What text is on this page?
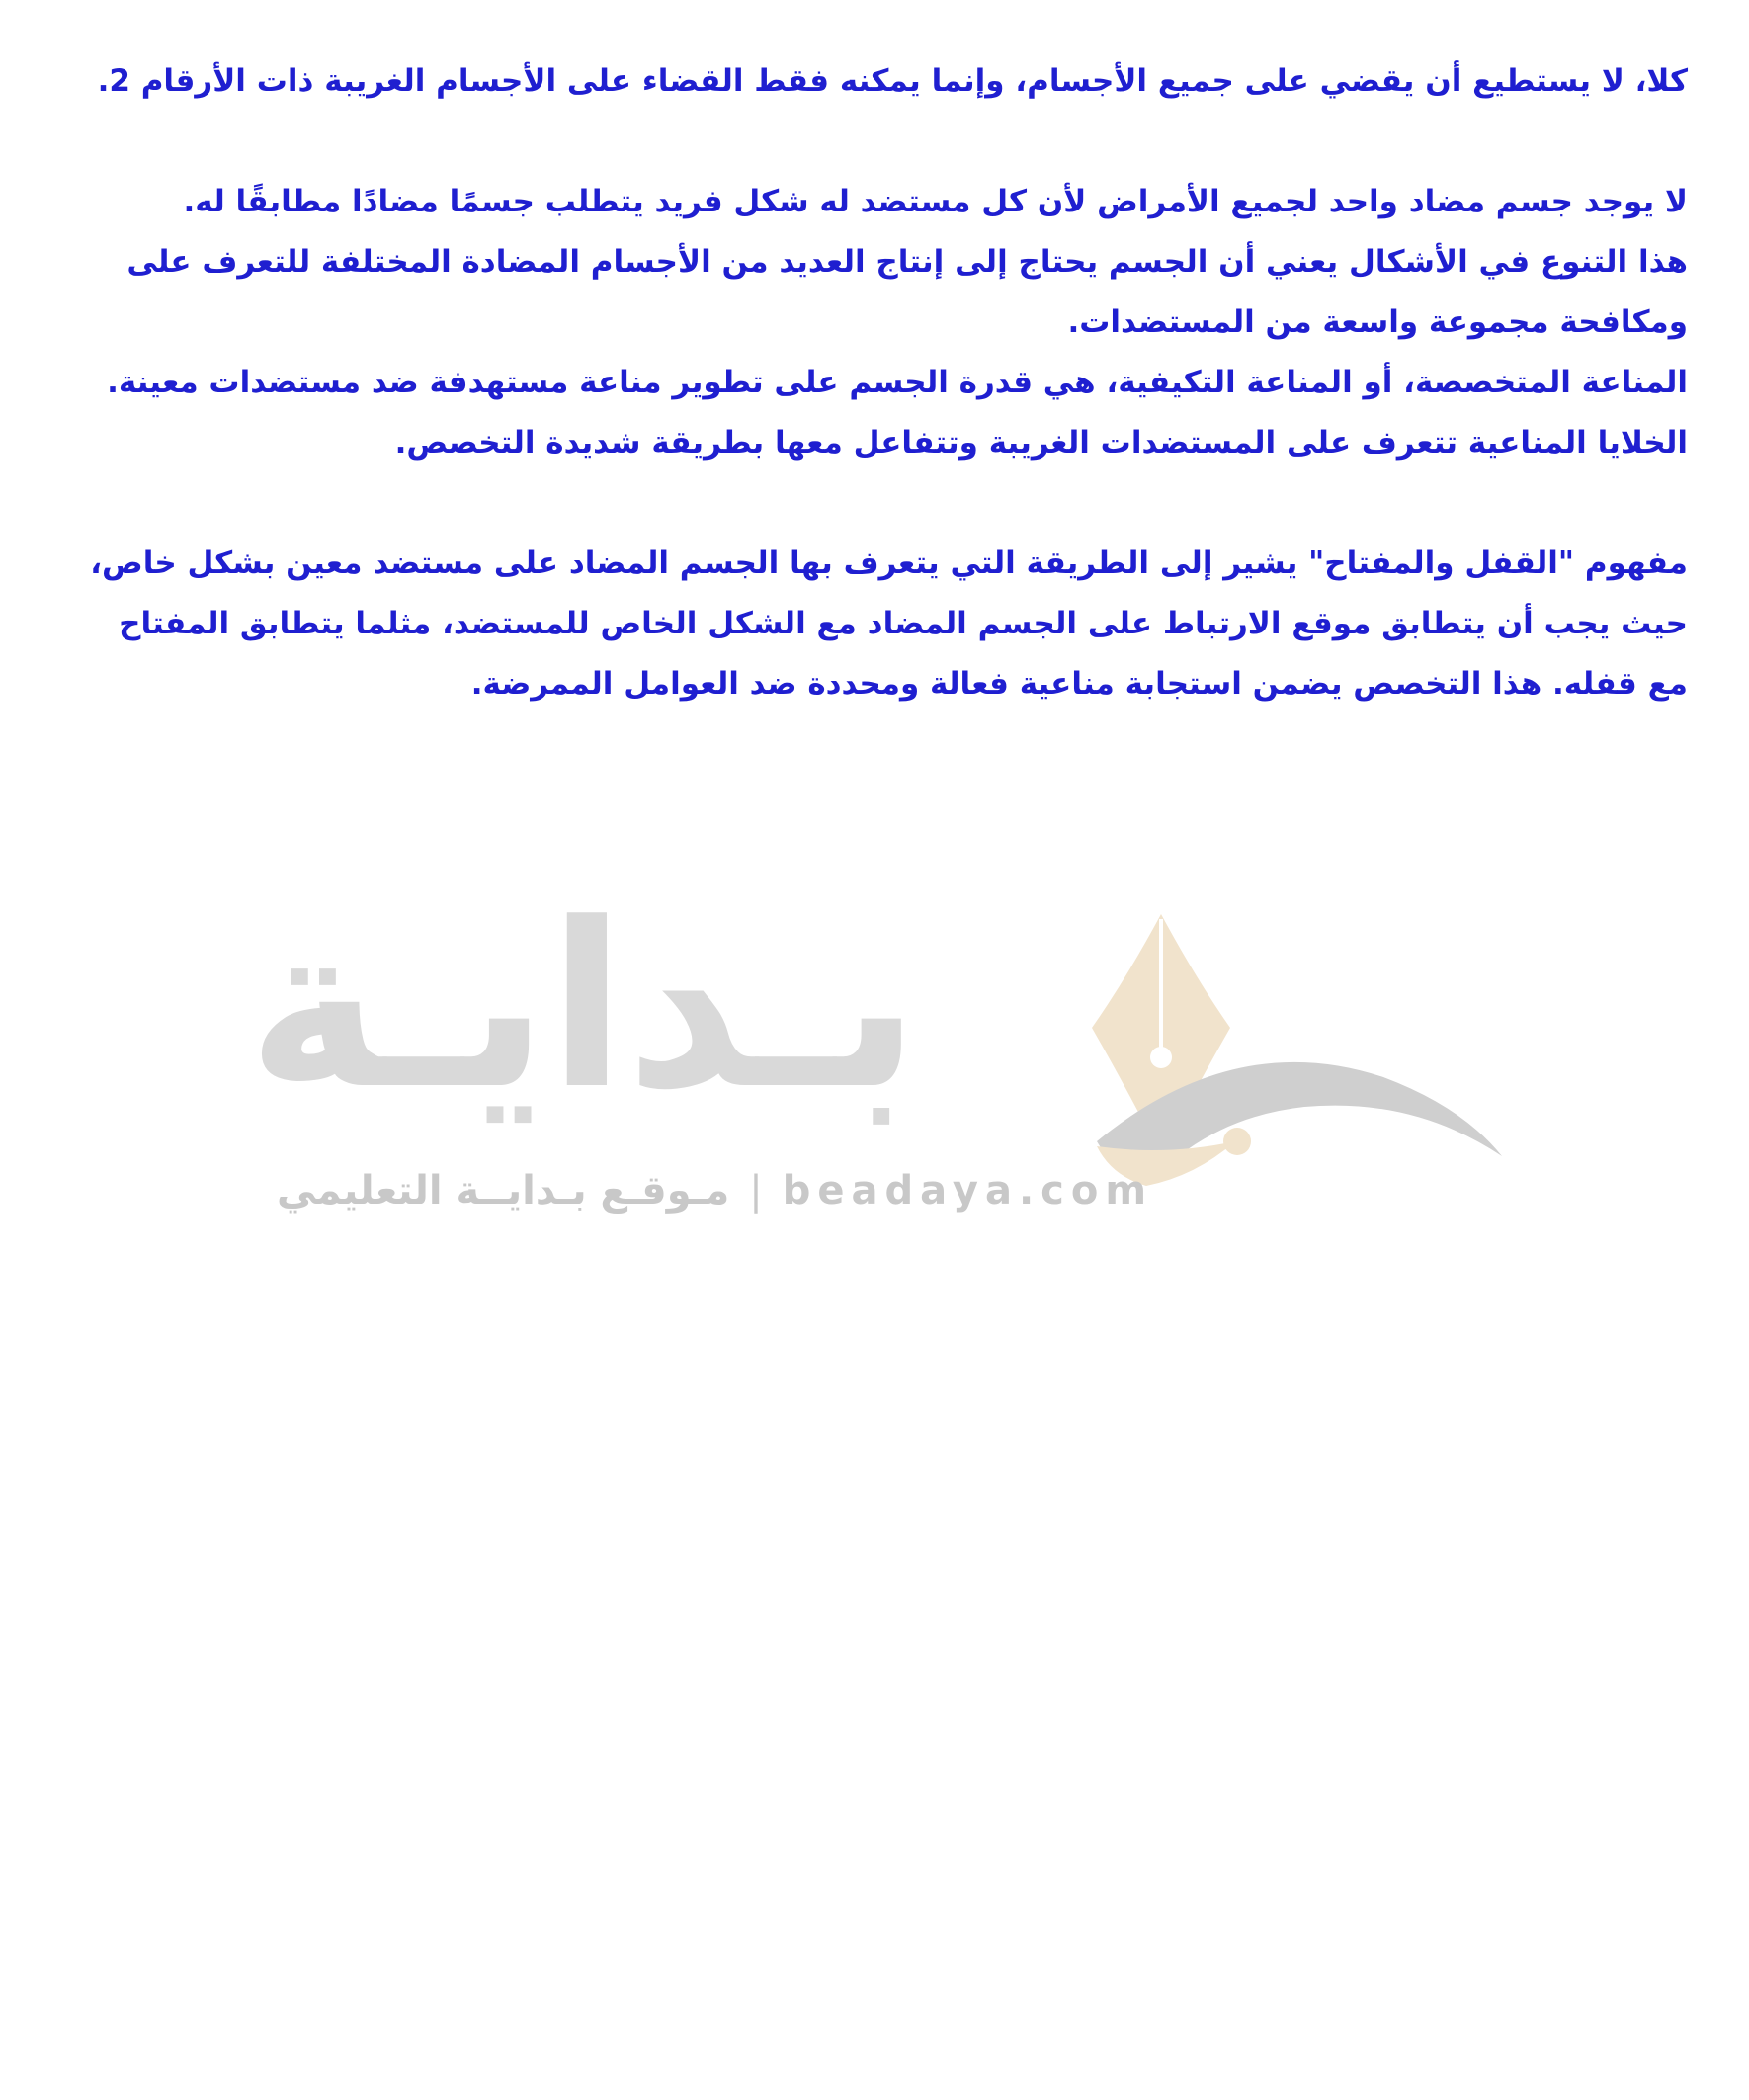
كلا، لا يستطيع أن يقضي على جميع الأجسام، وإنما يمكنه فقط القضاء على الأجسام الغريبة ذات الأرقام 2.

لا يوجد جسم مضاد واحد لجميع الأمراض لأن كل مستضد له شكل فريد يتطلب جسمًا مضادًا مطابقًا له.
هذا التنوع في الأشكال يعني أن الجسم يحتاج إلى إنتاج العديد من الأجسام المضادة المختلفة للتعرف على
ومكافحة مجموعة واسعة من المستضدات.
المناعة المتخصصة، أو المناعة التكيفية، هي قدرة الجسم على تطوير مناعة مستهدفة ضد مستضدات معينة.
الخلايا المناعية تتعرف على المستضدات الغريبة وتتفاعل معها بطريقة شديدة التخصص.

مفهوم "القفل والمفتاح" يشير إلى الطريقة التي يتعرف بها الجسم المضاد على مستضد معين بشكل خاص،
حيث يجب أن يتطابق موقع الارتباط على الجسم المضاد مع الشكل الخاص للمستضد، مثلما يتطابق المفتاح
مع قفله. هذا التخصص يضمن استجابة مناعية فعالة ومحددة ضد العوامل الممرضة.

بـدايـة
beadaya.com|مـوقـع بـدايــة التعليمي
